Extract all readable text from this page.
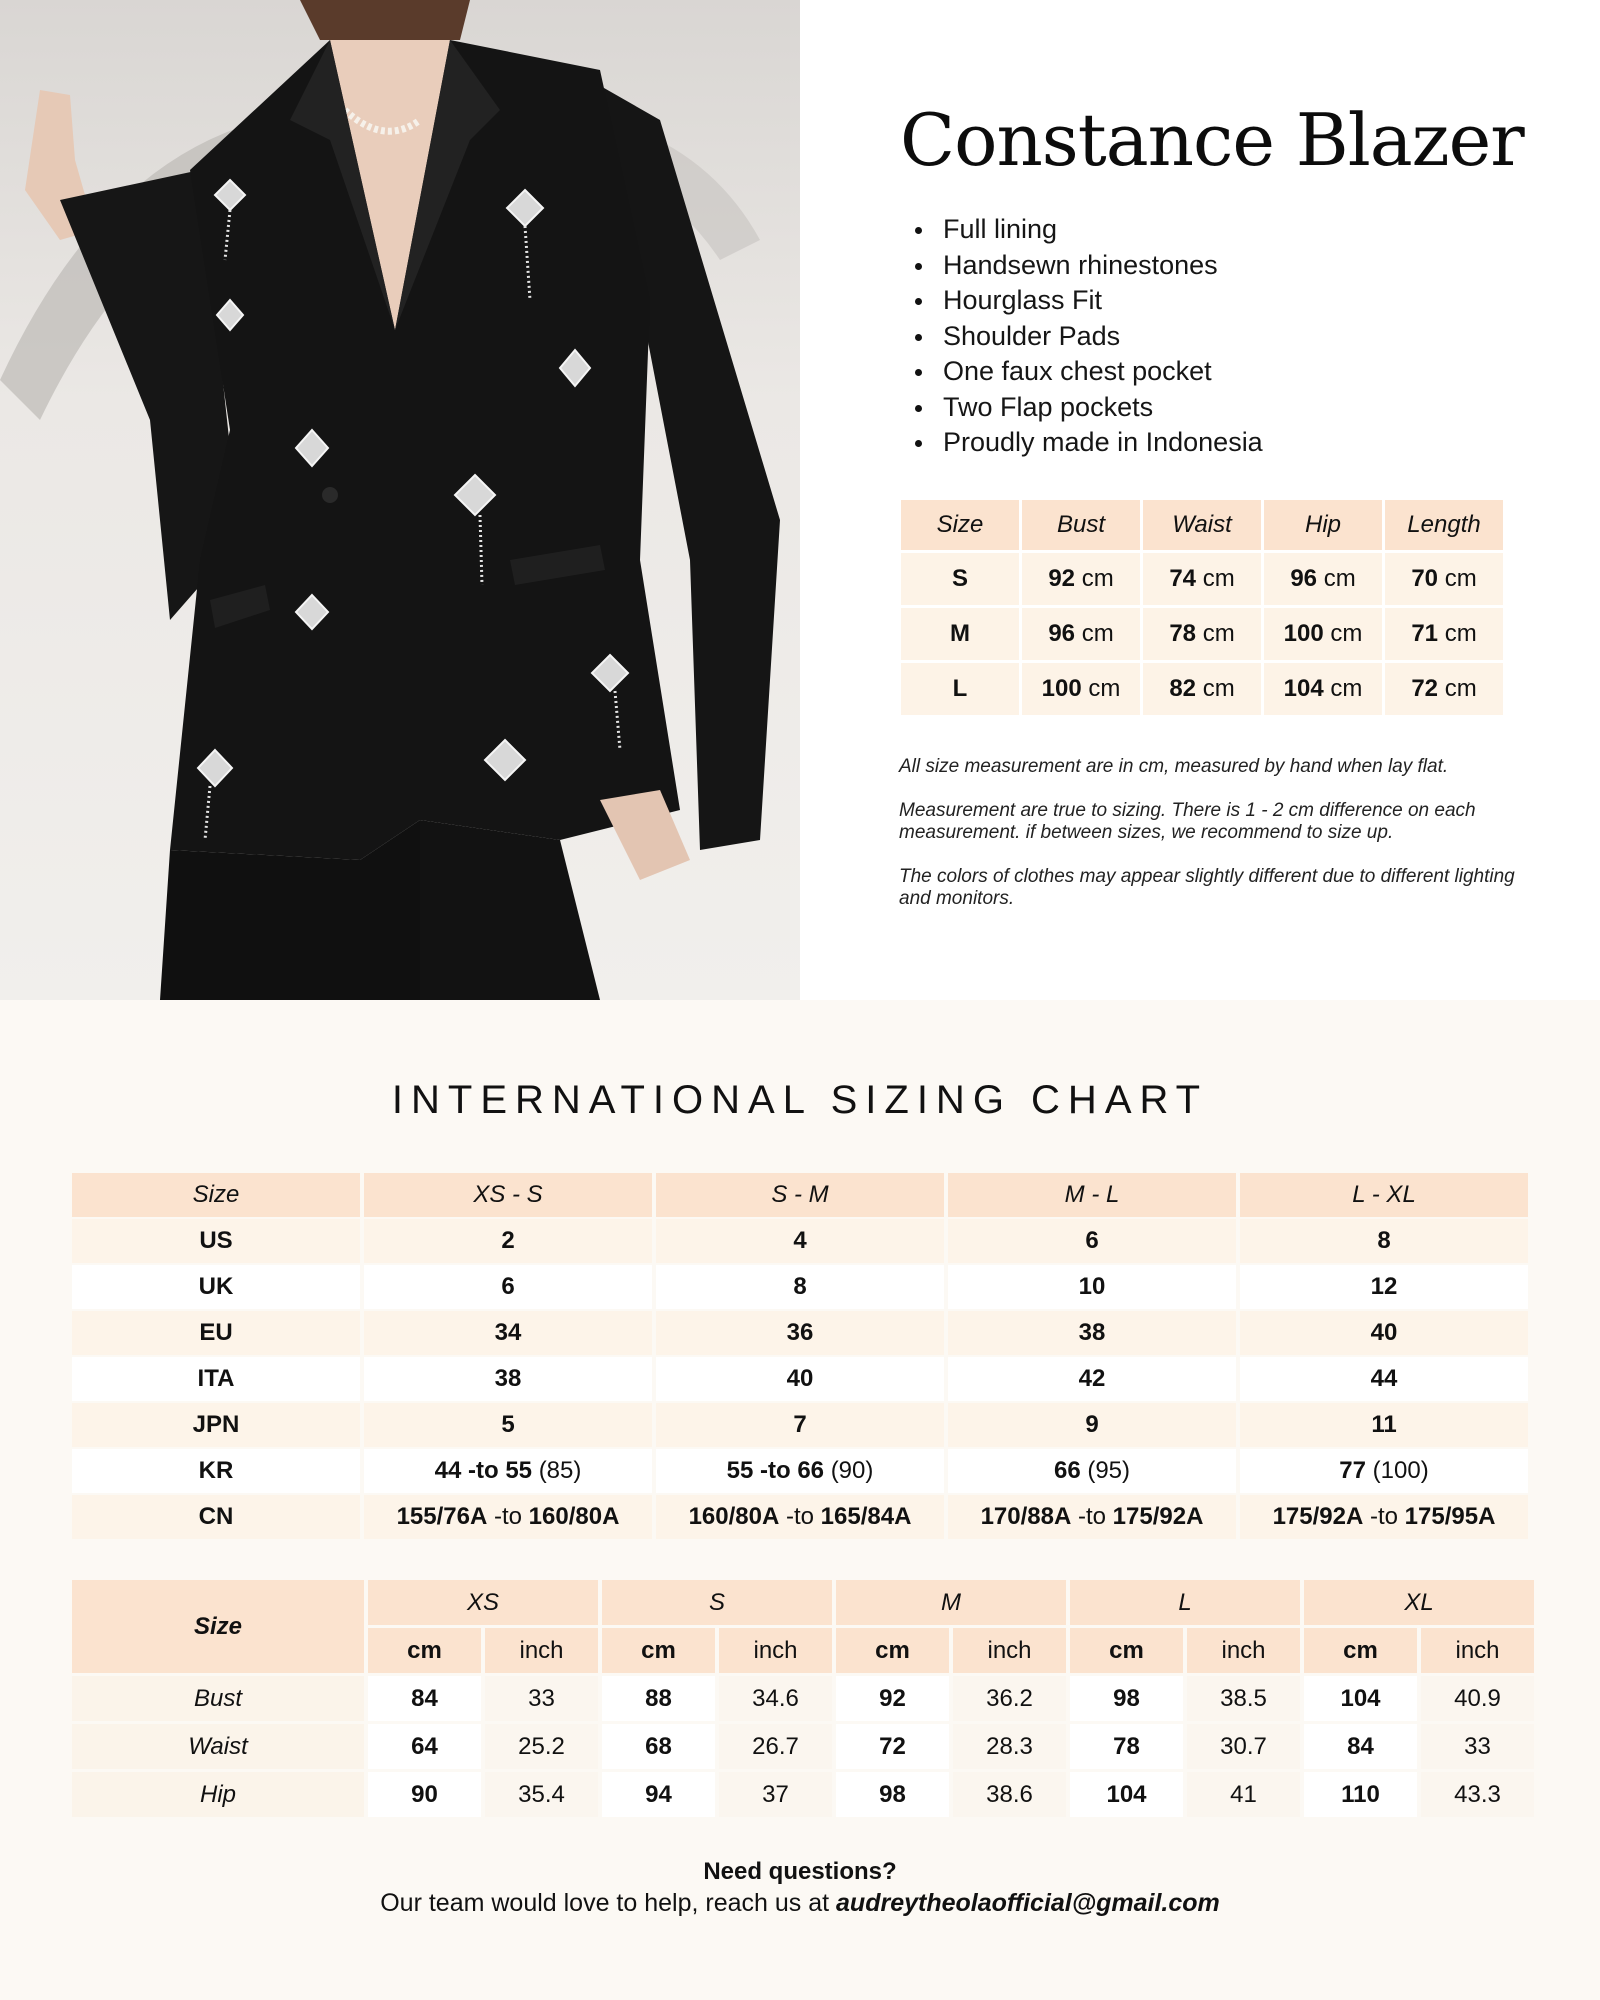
Constance Blazer
Full lining
Handsewn rhinestones
Hourglass Fit
Shoulder Pads
One faux chest pocket
Two Flap pockets
Proudly made in Indonesia
Size	Bust	Waist	Hip	Length
S	92 cm	74 cm	96 cm	70 cm
M	96 cm	78 cm	100 cm	71 cm
L	100 cm	82 cm	104 cm	72 cm

All size measurement are in cm, measured by hand when lay flat.

Measurement are true to sizing. There is 1 - 2 cm difference on each measurement. if between sizes, we recommend to size up.

The colors of clothes may appear slightly different due to different lighting and monitors.

INTERNATIONAL SIZING CHART
Size	XS - S	S - M	M - L	L - XL
US	2	4	6	8
UK	6	8	10	12
EU	34	36	38	40
ITA	38	40	42	44
JPN	5	7	9	11
KR	44 -to 55 (85)	55 -to 66 (90)	66 (95)	77 (100)
CN	155/76A -to 160/80A	160/80A -to 165/84A	170/88A -to 175/92A	175/92A -to 175/95A
Size	XS		S		M		L		XL	
	cm	inch	cm	inch	cm	inch	cm	inch	cm	inch
Bust	84	33	88	34.6	92	36.2	98	38.5	104	40.9
Waist	64	25.2	68	26.7	72	28.3	78	30.7	84	33
Hip	90	35.4	94	37	98	38.6	104	41	110	43.3
Need questions?
Our team would love to help, reach us at audreytheolaofficial@gmail.com
